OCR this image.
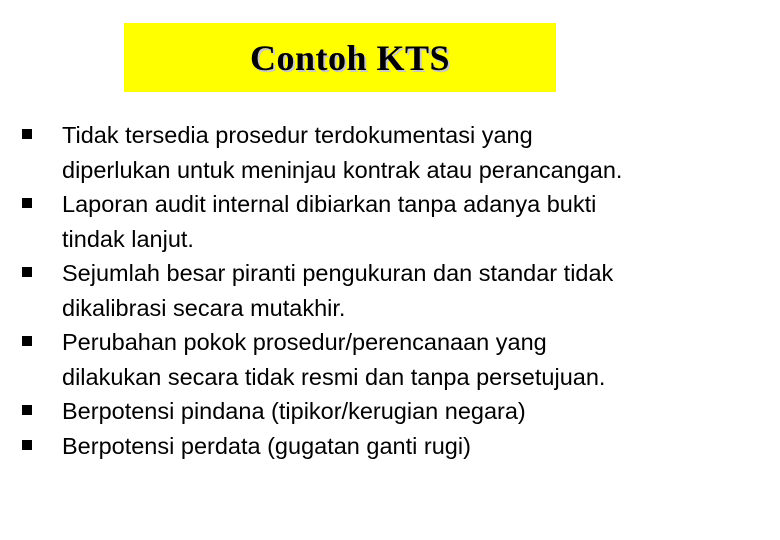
Contoh KTS
Tidak tersedia prosedur terdokumentasi yang
diperlukan untuk meninjau kontrak atau perancangan.
Laporan audit internal dibiarkan tanpa adanya bukti
tindak lanjut.
Sejumlah besar piranti pengukuran dan standar tidak
dikalibrasi secara mutakhir.
Perubahan pokok prosedur/perencanaan yang
dilakukan secara tidak resmi dan tanpa persetujuan.
Berpotensi pindana (tipikor/kerugian negara)
Berpotensi perdata (gugatan ganti rugi)
